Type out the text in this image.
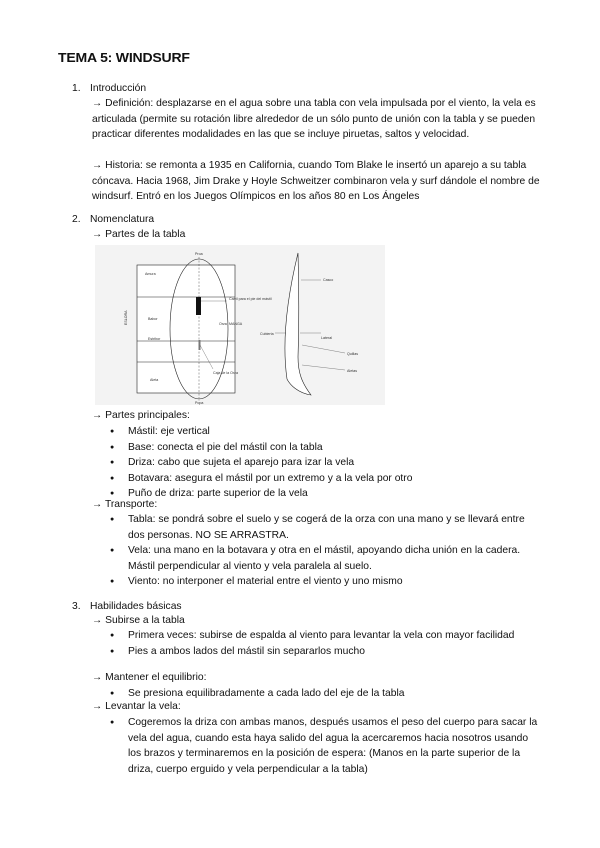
TEMA 5: WINDSURF
1. Introducción
→ Definición: desplazarse en el agua sobre una tabla con vela impulsada por el viento, la vela es articulada (permite su rotación libre alrededor de un sólo punto de unión con la tabla y se pueden practicar diferentes modalidades en las que se incluye piruetas, saltos y velocidad.
→ Historia: se remonta a 1935 en California, cuando Tom Blake le insertó un aparejo a su tabla cóncava. Hacia 1968, Jim Drake y Hoyle Schweitzer combinaron vela y surf dándole el nombre de windsurf. Entró en los Juegos Olímpicos en los años 80 en Los Ángeles
2. Nomenclatura
→ Partes de la tabla
Proa
Popa
Amura
Babor
Estribor
Aleta
ESLORA	MANGA
Orza
Carril para el pie del mástil
Caja de la Orza
Casco
Cubierta
Lateral
Quillas
Aletas
→ Partes principales:
● Mástil: eje vertical
● Base: conecta el pie del mástil con la tabla
● Driza: cabo que sujeta el aparejo para izar la vela
● Botavara: asegura el mástil por un extremo y a la vela por otro
● Puño de driza: parte superior de la vela
→ Transporte:
● Tabla: se pondrá sobre el suelo y se cogerá de la orza con una mano y se llevará entre dos personas. NO SE ARRASTRA.
● Vela: una mano en la botavara y otra en el mástil, apoyando dicha unión en la cadera. Mástil perpendicular al viento y vela paralela al suelo.
● Viento: no interponer el material entre el viento y uno mismo
3. Habilidades básicas
→ Subirse a la tabla
● Primera veces: subirse de espalda al viento para levantar la vela con mayor facilidad
● Pies a ambos lados del mástil sin separarlos mucho
→ Mantener el equilibrio:
● Se presiona equilibradamente a cada lado del eje de la tabla
→ Levantar la vela:
● Cogeremos la driza con ambas manos, después usamos el peso del cuerpo para sacar la vela del agua, cuando esta haya salido del agua la acercaremos hacia nosotros usando los brazos y terminaremos en la posición de espera: (Manos en la parte superior de la driza, cuerpo erguido y vela perpendicular a la tabla)
